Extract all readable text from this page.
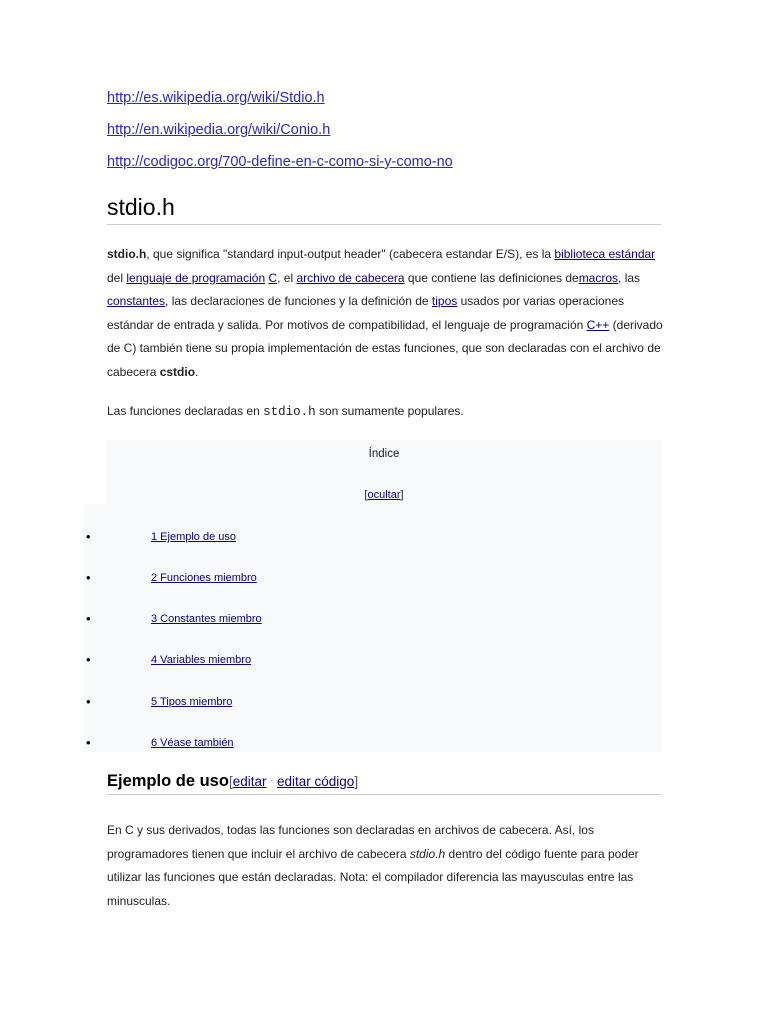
http://es.wikipedia.org/wiki/Stdio.h
http://en.wikipedia.org/wiki/Conio.h
http://codigoc.org/700-define-en-c-como-si-y-como-no
stdio.h
stdio.h, que significa "standard input-output header" (cabecera estandar E/S), es la biblioteca estándar del lenguaje de programación C, el archivo de cabecera que contiene las definiciones demacros, las constantes, las declaraciones de funciones y la definición de tipos usados por varias operaciones estándar de entrada y salida. Por motivos de compatibilidad, el lenguaje de programación C++ (derivado de C) también tiene su propia implementación de estas funciones, que son declaradas con el archivo de cabecera cstdio.
Las funciones declaradas en stdio.h son sumamente populares.
Índice
[ocultar]
•	1 Ejemplo de uso
•	2 Funciones miembro
•	3 Constantes miembro
•	4 Variables miembro
•	5 Tipos miembro
•	6 Véase también
Ejemplo de uso[editar · editar código]
En C y sus derivados, todas las funciones son declaradas en archivos de cabecera. Así, los programadores tienen que incluir el archivo de cabecera stdio.h dentro del código fuente para poder utilizar las funciones que están declaradas. Nota: el compilador diferencia las mayusculas entre las minusculas.
